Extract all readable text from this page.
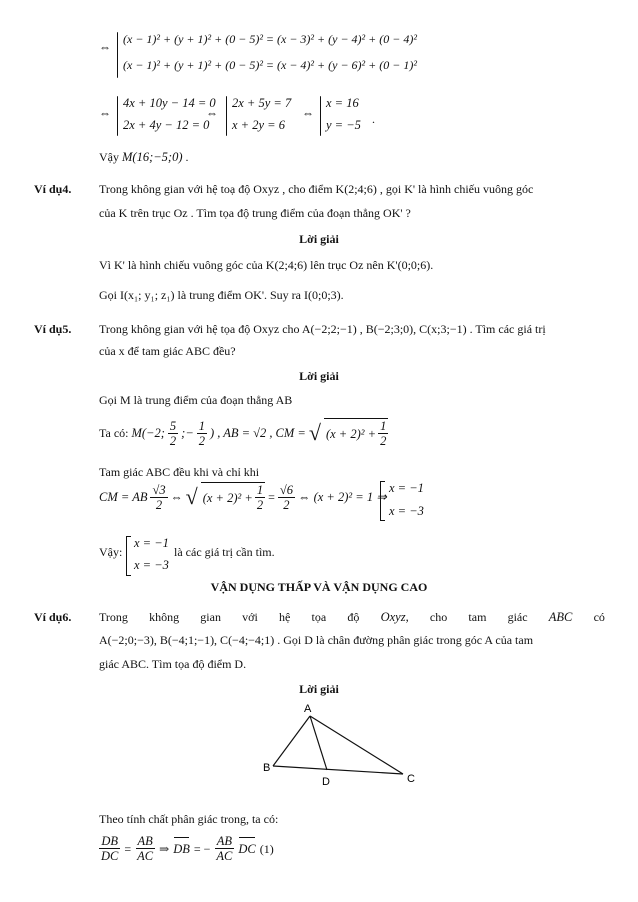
⇔
(x − 1)² + (y + 1)² + (0 − 5)² = (x − 3)² + (y − 4)² + (0 − 4)²
(x − 1)² + (y + 1)² + (0 − 5)² = (x − 4)² + (y − 6)² + (0 − 1)²
⇔
4x + 10y − 14 = 0
2x + 4y − 12 = 0
⇔
2x + 5y = 7
x + 2y = 6
⇔
x = 16
y = −5 .
Vậy M(16;−5;0) .
Ví dụ4. Trong không gian với hệ toạ độ Oxyz , cho điểm K(2;4;6) , gọi K' là hình chiếu vuông góc
của K trên trục Oz . Tìm tọa độ trung điểm của đoạn thẳng OK' ?
Lời giải
Vì K' là hình chiếu vuông góc của K(2;4;6) lên trục Oz nên K'(0;0;6).
Gọi I(x₁; y₁; z₁) là trung điểm OK'. Suy ra I(0;0;3).
Ví dụ5. Trong không gian với hệ tọa độ Oxyz cho A(−2;2;−1) , B(−2;3;0), C(x;3;−1) . Tìm các giá trị
của x để tam giác ABC đều?
Lời giải
Gọi M là trung điểm của đoạn thẳng AB
Ta có: M(−2; $\frac{5}{2}$ ;− $\frac{1}{2}$ ) , AB = √2 , CM = √ $(x + 2)^2 + \frac{1}{2}$
Tam giác ABC đều khi và chỉ khi
CM = AB $\frac{√3}{2}$ ⇔ √ $(x + 2)^2 + \frac{1}{2} = \frac{√6}{2}$ ⇔ (x + 2)² = 1 ⇒
x = −1
x = −3
Vậy:
x = −1
x = −3
là các giá trị cần tìm.
VẬN DỤNG THẤP VÀ VẬN DỤNG CAO
Ví dụ6. Trong không gian với hệ tọa độ Oxyz, cho tam giác ABC có
A(−2;0;−3), B(−4;1;−1), C(−4;−4;1) . Gọi D là chân đường phân giác trong góc A của tam
giác ABC. Tìm tọa độ điểm D.
Lời giải
A
B
C
D
Theo tính chất phân giác trong, ta có:
$\frac{DB}{DC} = \frac{AB}{AC}$ ⇒ DB = − $\frac{AB}{AC}$ DC (1)
